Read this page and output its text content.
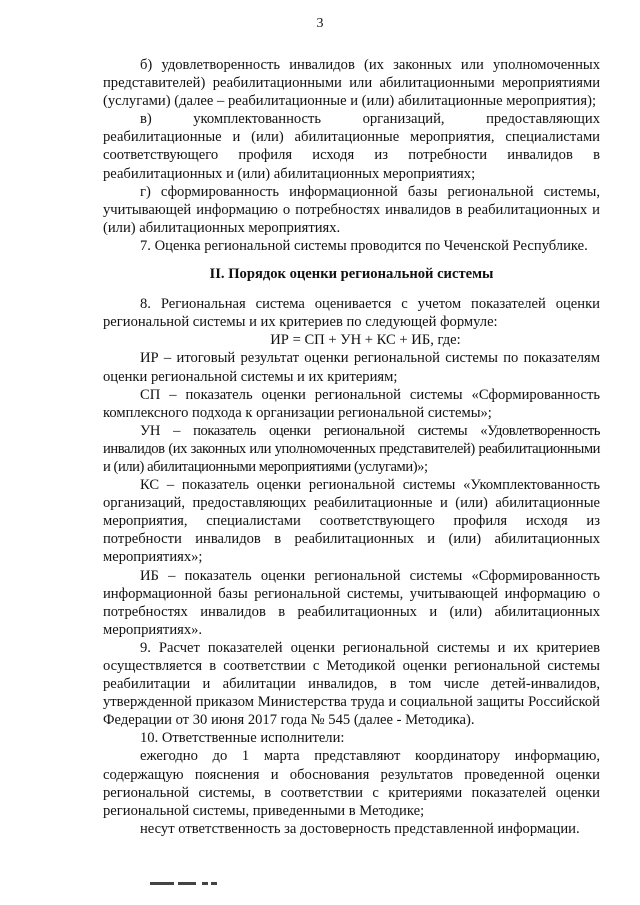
3

б) удовлетворенность инвалидов (их законных или уполномоченных представителей) реабилитационными или абилитационными мероприятиями (услугами) (далее – реабилитационные и (или) абилитационные мероприятия);

в) укомплектованность организаций, предоставляющих реабилитационные и (или) абилитационные мероприятия, специалистами соответствующего профиля исходя из потребности инвалидов в реабилитационных и (или) абилитационных мероприятиях;

г) сформированность информационной базы региональной системы, учитывающей информацию о потребностях инвалидов в реабилитационных и (или) абилитационных мероприятиях.

7. Оценка региональной системы проводится по Чеченской Республике.

II. Порядок оценки региональной системы

8. Региональная система оценивается с учетом показателей оценки региональной системы и их критериев по следующей формуле:

ИР = СП + УН + КС + ИБ, где:

ИР – итоговый результат оценки региональной системы по показателям оценки региональной системы и их критериям;

СП – показатель оценки региональной системы «Сформированность комплексного подхода к организации региональной системы»;

УН – показатель оценки региональной системы «Удовлетворенность инвалидов (их законных или уполномоченных представителей) реабилитационными и (или) абилитационными мероприятиями (услугами)»;

КС – показатель оценки региональной системы «Укомплектованность организаций, предоставляющих реабилитационные и (или) абилитационные мероприятия, специалистами соответствующего профиля исходя из потребности инвалидов в реабилитационных и (или) абилитационных мероприятиях»;

ИБ – показатель оценки региональной системы «Сформированность информационной базы региональной системы, учитывающей информацию о потребностях инвалидов в реабилитационных и (или) абилитационных мероприятиях».

9. Расчет показателей оценки региональной системы и их критериев осуществляется в соответствии с Методикой оценки региональной системы реабилитации и абилитации инвалидов, в том числе детей-инвалидов, утвержденной приказом Министерства труда и социальной защиты Российской Федерации от 30 июня 2017 года № 545 (далее - Методика).

10. Ответственные исполнители:

ежегодно до 1 марта представляют координатору информацию, содержащую пояснения и обоснования результатов проведенной оценки региональной системы, в соответствии с критериями показателей оценки региональной системы, приведенными в Методике;

несут ответственность за достоверность представленной информации.
